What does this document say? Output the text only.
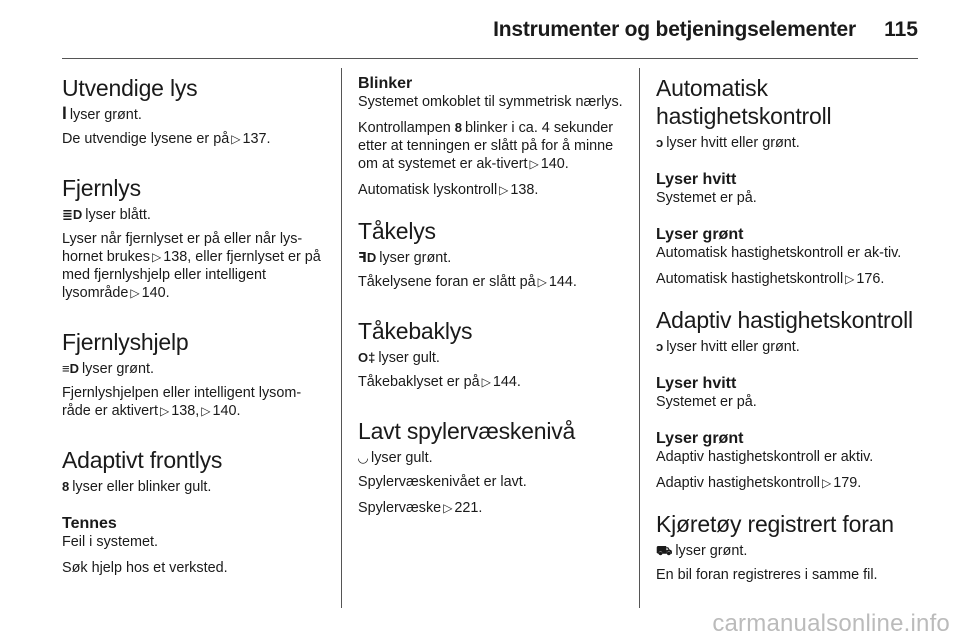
Instrumenter og betjeningselementer 115
Utvendige lys

ꟾ lyser grønt.

De utvendige lysene er på ▷ 137.

Fjernlys

≣D lyser blått.

Lyser når fjernlyset er på eller når lys-hornet brukes ▷ 138, eller fjernlyset er på med fjernlyshjelp eller intelligent lysområde ▷ 140.

Fjernlyshjelp

≡D lyser grønt.

Fjernlyshjelpen eller intelligent lysom-råde er aktivert ▷ 138, ▷ 140.

Adaptivt frontlys

8 lyser eller blinker gult.

Tennes

Feil i systemet.

Søk hjelp hos et verksted.

Blinker

Systemet omkoblet til symmetrisk nærlys.

Kontrollampen 8 blinker i ca. 4 sekunder etter at tenningen er slått på for å minne om at systemet er ak-tivert ▷ 140.

Automatisk lyskontroll ▷ 138.

Tåkelys

ꟻD lyser grønt.

Tåkelysene foran er slått på ▷ 144.

Tåkebaklys

O‡ lyser gult.

Tåkebaklyset er på ▷ 144.

Lavt spylervæskenivå

◡ lyser gult.

Spylervæskenivået er lavt.

Spylervæske ▷ 221.

Automatisk hastighetskontroll

ↄ lyser hvitt eller grønt.

Lyser hvitt

Systemet er på.

Lyser grønt

Automatisk hastighetskontroll er ak-tiv.

Automatisk hastighetskontroll ▷ 176.

Adaptiv hastighetskontroll

ↄ lyser hvitt eller grønt.

Lyser hvitt

Systemet er på.

Lyser grønt

Adaptiv hastighetskontroll er aktiv.

Adaptiv hastighetskontroll ▷ 179.

Kjøretøy registrert foran

⛟ lyser grønt.

En bil foran registreres i samme fil.

carmanualsonline.info
